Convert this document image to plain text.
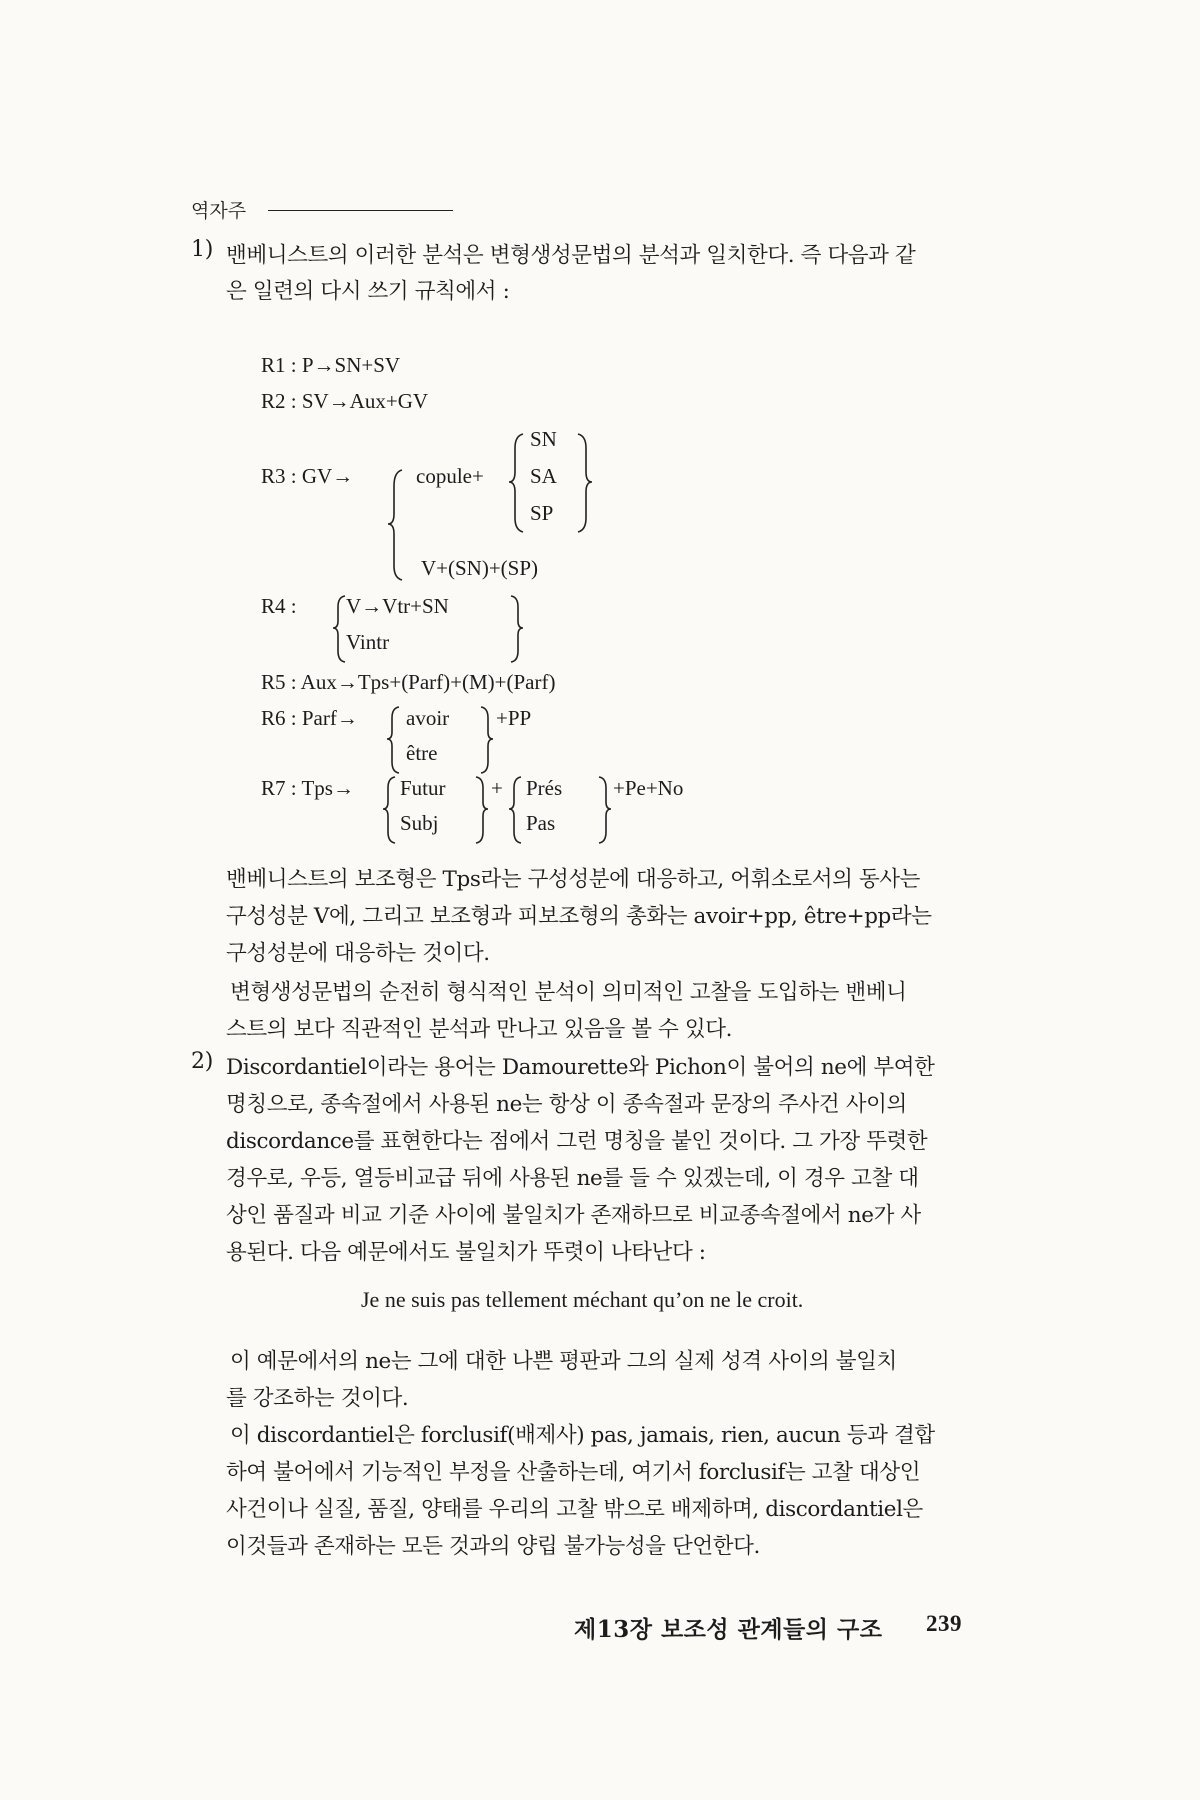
역자주
1) 밴베니스트의 이러한 분석은 변형생성문법의 분석과 일치한다. 즉 다음과 같
은 일련의 다시 쓰기 규칙에서 :
R1 : P→SN+SV
R2 : SV→Aux+GV
R3 : GV→	copule+
SN
SA
SP
V+(SN)+(SP)
R4 : V→Vtr+SN
Vintr
R5 : Aux→Tps+(Parf)+(M)+(Parf)
R6 : Parf→ avoir
être
+PP
R7 : Tps→ Futur
Subj
+ Prés
Pas
+Pe+No
밴베니스트의 보조형은 Tps라는 구성성분에 대응하고, 어휘소로서의 동사는
구성성분 V에, 그리고 보조형과 피보조형의 총화는 avoir+pp, être+pp라는
구성성분에 대응하는 것이다.
변형생성문법의 순전히 형식적인 분석이 의미적인 고찰을 도입하는 밴베니
스트의 보다 직관적인 분석과 만나고 있음을 볼 수 있다.
2) Discordantiel이라는 용어는 Damourette와 Pichon이 불어의 ne에 부여한
명칭으로, 종속절에서 사용된 ne는 항상 이 종속절과 문장의 주사건 사이의
discordance를 표현한다는 점에서 그런 명칭을 붙인 것이다. 그 가장 뚜렷한
경우로, 우등, 열등비교급 뒤에 사용된 ne를 들 수 있겠는데, 이 경우 고찰 대
상인 품질과 비교 기준 사이에 불일치가 존재하므로 비교종속절에서 ne가 사
용된다. 다음 예문에서도 불일치가 뚜렷이 나타난다 :
Je ne suis pas tellement méchant qu’on ne le croit.
이 예문에서의 ne는 그에 대한 나쁜 평판과 그의 실제 성격 사이의 불일치
를 강조하는 것이다.
이 discordantiel은 forclusif(배제사) pas, jamais, rien, aucun 등과 결합
하여 불어에서 기능적인 부정을 산출하는데, 여기서 forclusif는 고찰 대상인
사건이나 실질, 품질, 양태를 우리의 고찰 밖으로 배제하며, discordantiel은
이것들과 존재하는 모든 것과의 양립 불가능성을 단언한다.
제13장 보조성 관계들의 구조 239
